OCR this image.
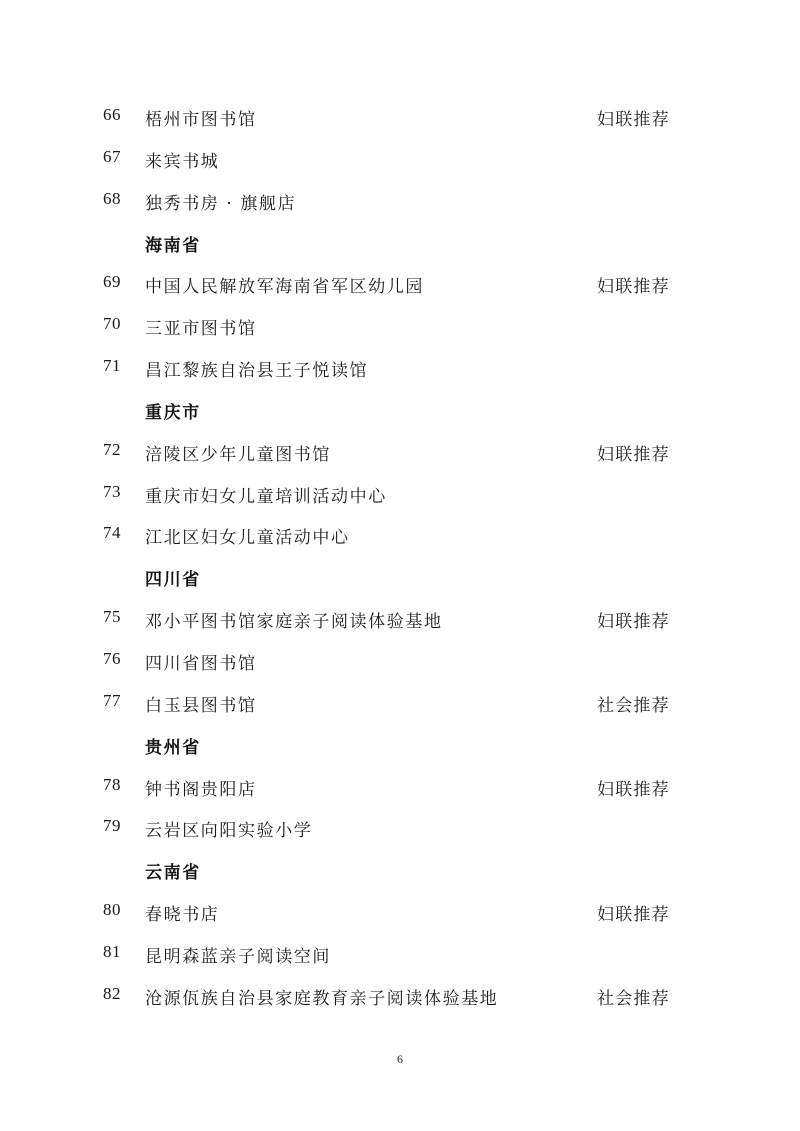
66 梧州市图书馆	妇联推荐
67 来宾书城
68 独秀书房 · 旗舰店
海南省
69 中国人民解放军海南省军区幼儿园	妇联推荐
70 三亚市图书馆
71 昌江黎族自治县王子悦读馆
重庆市
72 涪陵区少年儿童图书馆	妇联推荐
73 重庆市妇女儿童培训活动中心
74 江北区妇女儿童活动中心
四川省
75 邓小平图书馆家庭亲子阅读体验基地	妇联推荐
76 四川省图书馆
77 白玉县图书馆	社会推荐
贵州省
78 钟书阁贵阳店	妇联推荐
79 云岩区向阳实验小学
云南省
80 春晓书店	妇联推荐
81 昆明森蓝亲子阅读空间
82 沧源佤族自治县家庭教育亲子阅读体验基地	社会推荐
6
